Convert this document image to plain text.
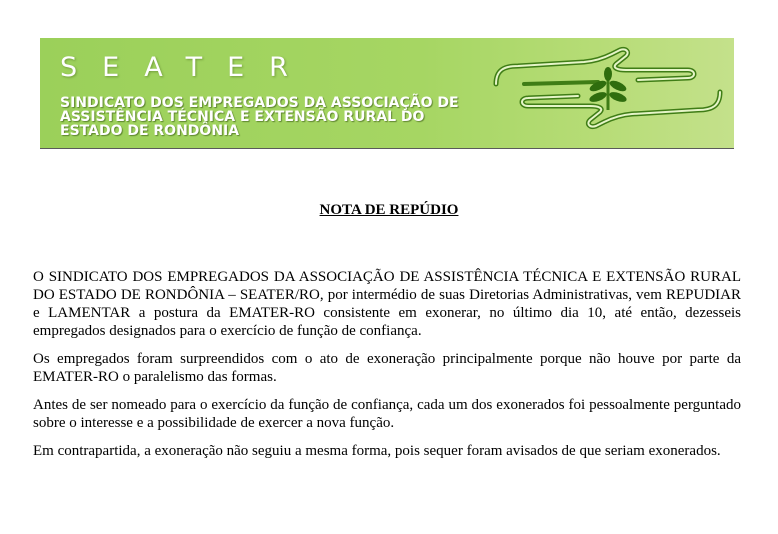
SEATER
SINDICATO DOS EMPREGADOS DA ASSOCIAÇÃO DE
ASSISTÊNCIA TÉCNICA E EXTENSÃO RURAL DO
ESTADO DE RONDÔNIA
NOTA DE REPÚDIO

O SINDICATO DOS EMPREGADOS DA ASSOCIAÇÃO DE ASSISTÊNCIA TÉCNICA E EXTENSÃO RURAL DO ESTADO DE RONDÔNIA – SEATER/RO, por intermédio de suas Diretorias Administrativas, vem REPUDIAR e LAMENTAR a postura da EMATER-RO consistente em exonerar, no último dia 10, até então, dezesseis empregados designados para o exercício de função de confiança.

Os empregados foram surpreendidos com o ato de exoneração principalmente porque não houve por parte da EMATER-RO o paralelismo das formas.

Antes de ser nomeado para o exercício da função de confiança, cada um dos exonerados foi pessoalmente perguntado sobre o interesse e a possibilidade de exercer a nova função.

Em contrapartida, a exoneração não seguiu a mesma forma, pois sequer foram avisados de que seriam exonerados.
